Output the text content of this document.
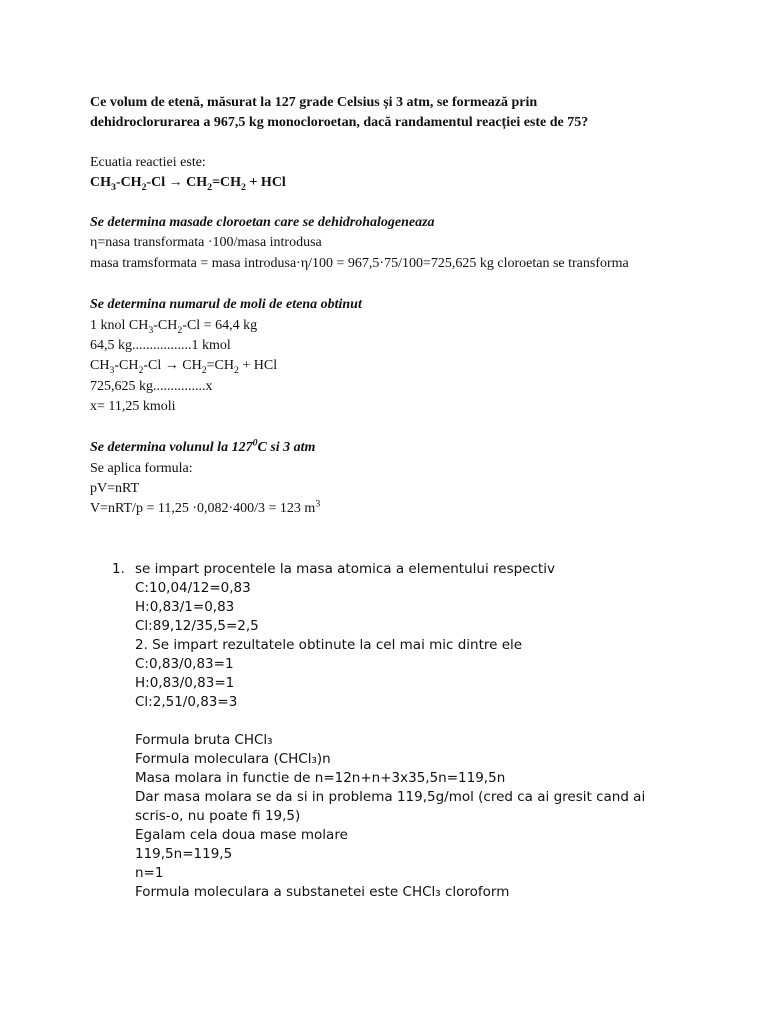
Ce volum de etenă, măsurat la 127 grade Celsius și 3 atm, se formează prin
dehidroclorurarea a 967,5 kg monocloroetan, dacă randamentul reacției este de 75?
Ecuatia reactiei este:
$CH_3-CH_2-Cl \to CH_2=CH_2$ + HCl
Se determina masade cloroetan care se dehidrohalogeneaza
η=nasa transformata ·100/masa introdusa
masa tramsformata = masa introdusa·η/100 = 967,5·75/100=725,625 kg cloroetan se transforma
Se determina numarul de moli de etena obtinut
1 knol $CH_3-CH_2-Cl = 64,4$ kg
64,5 kg.................1 kmol
$CH_3-CH_2-Cl \to CH_2=CH_2$ + HCl
725,625 kg...............x
x= 11,25 kmoli
Se determina volunul la $127^0C$ si 3 atm
Se aplica formula:
pV=nRT
V=nRT/p = 11,25 ·0,082·400/3 = 123 $m^3$
1. se impart procentele la masa atomica a elementului respectiv
C:10,04/12=0,83
H:0,83/1=0,83
Cl:89,12/35,5=2,5
2. Se impart rezultatele obtinute la cel mai mic dintre ele
C:0,83/0,83=1
H:0,83/0,83=1
Cl:2,51/0,83=3
Formula bruta CHCl₃
Formula moleculara (CHCl₃)n
Masa molara in functie de n=12n+n+3x35,5n=119,5n
Dar masa molara se da si in problema 119,5g/mol (cred ca ai gresit cand ai
scris-o, nu poate fi 19,5)
Egalam cela doua mase molare
119,5n=119,5
n=1
Formula moleculara a substanetei este CHCl₃ cloroform
